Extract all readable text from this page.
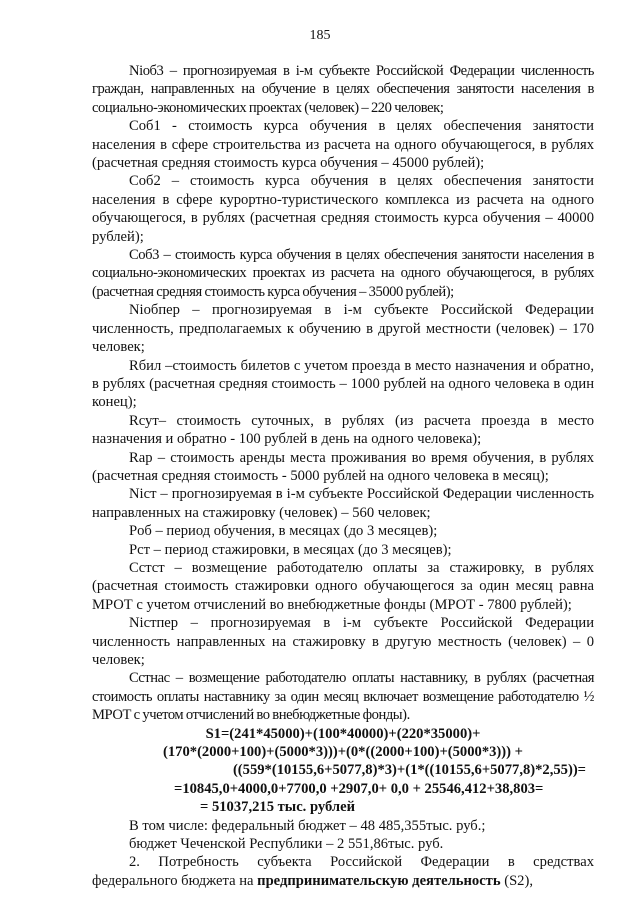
185

Nіоб3 – прогнозируемая в і-м субъекте Российской Федерации численность граждан, направленных на обучение в целях обеспечения занятости населения в социально-экономических проектах (человек) – 220 человек;

Cоб1 - стоимость курса обучения в целях обеспечения занятости населения в сфере строительства из расчета на одного обучающегося, в рублях (расчетная средняя стоимость курса обучения – 45000 рублей);

Cоб2 – стоимость курса обучения в целях обеспечения занятости населения в сфере курортно-туристического комплекса из расчета на одного обучающегося, в рублях (расчетная средняя стоимость курса обучения – 40000 рублей);

Cоб3 – стоимость курса обучения в целях обеспечения занятости населения в социально-экономических проектах из расчета на одного обучающегося, в рублях (расчетная средняя стоимость курса обучения – 35000 рублей);

Nіобпер – прогнозируемая в і-м субъекте Российской Федерации численность, предполагаемых к обучению в другой местности (человек) – 170 человек;

Rбил –стоимость билетов с учетом проезда в место назначения и обратно, в рублях (расчетная средняя стоимость – 1000 рублей на одного человека в один конец);

Rсут– стоимость суточных, в рублях (из расчета проезда в место назначения и обратно - 100 рублей в день на одного человека);

Rар – стоимость аренды места проживания во время обучения, в рублях (расчетная средняя стоимость - 5000 рублей на одного человека в месяц);

Nіст – прогнозируемая в і-м субъекте Российской Федерации численность направленных на стажировку (человек) – 560 человек;

Pоб – период обучения, в месяцах (до 3 месяцев);

Pст – период стажировки, в месяцах (до 3 месяцев);

Cстст – возмещение работодателю оплаты за стажировку, в рублях (расчетная стоимость стажировки одного обучающегося за один месяц равна МРОТ с учетом отчислений во внебюджетные фонды (МРОТ - 7800 рублей);

Nістпер – прогнозируемая в і-м субъекте Российской Федерации численность направленных на стажировку в другую местность (человек) – 0 человек;

Cстнас – возмещение работодателю оплаты наставнику, в рублях (расчетная стоимость оплаты наставнику за один месяц включает возмещение работодателю ½ МРОТ с учетом отчислений во внебюджетные фонды).

S1=(241*45000)+(100*40000)+(220*35000)+
(170*(2000+100)+(5000*3)))+(0*((2000+100)+(5000*3))) +
((559*(10155,6+5077,8)*3)+(1*((10155,6+5077,8)*2,55))=
=10845,0+4000,0+7700,0 +2907,0+ 0,0 + 25546,412+38,803=
= 51037,215 тыс. рублей

В том числе: федеральный бюджет – 48 485,355тыс. руб.;

бюджет Чеченской Республики – 2 551,86тыс. руб.

2. Потребность субъекта Российской Федерации в средствах федерального бюджета на предпринимательскую деятельность (S2),
